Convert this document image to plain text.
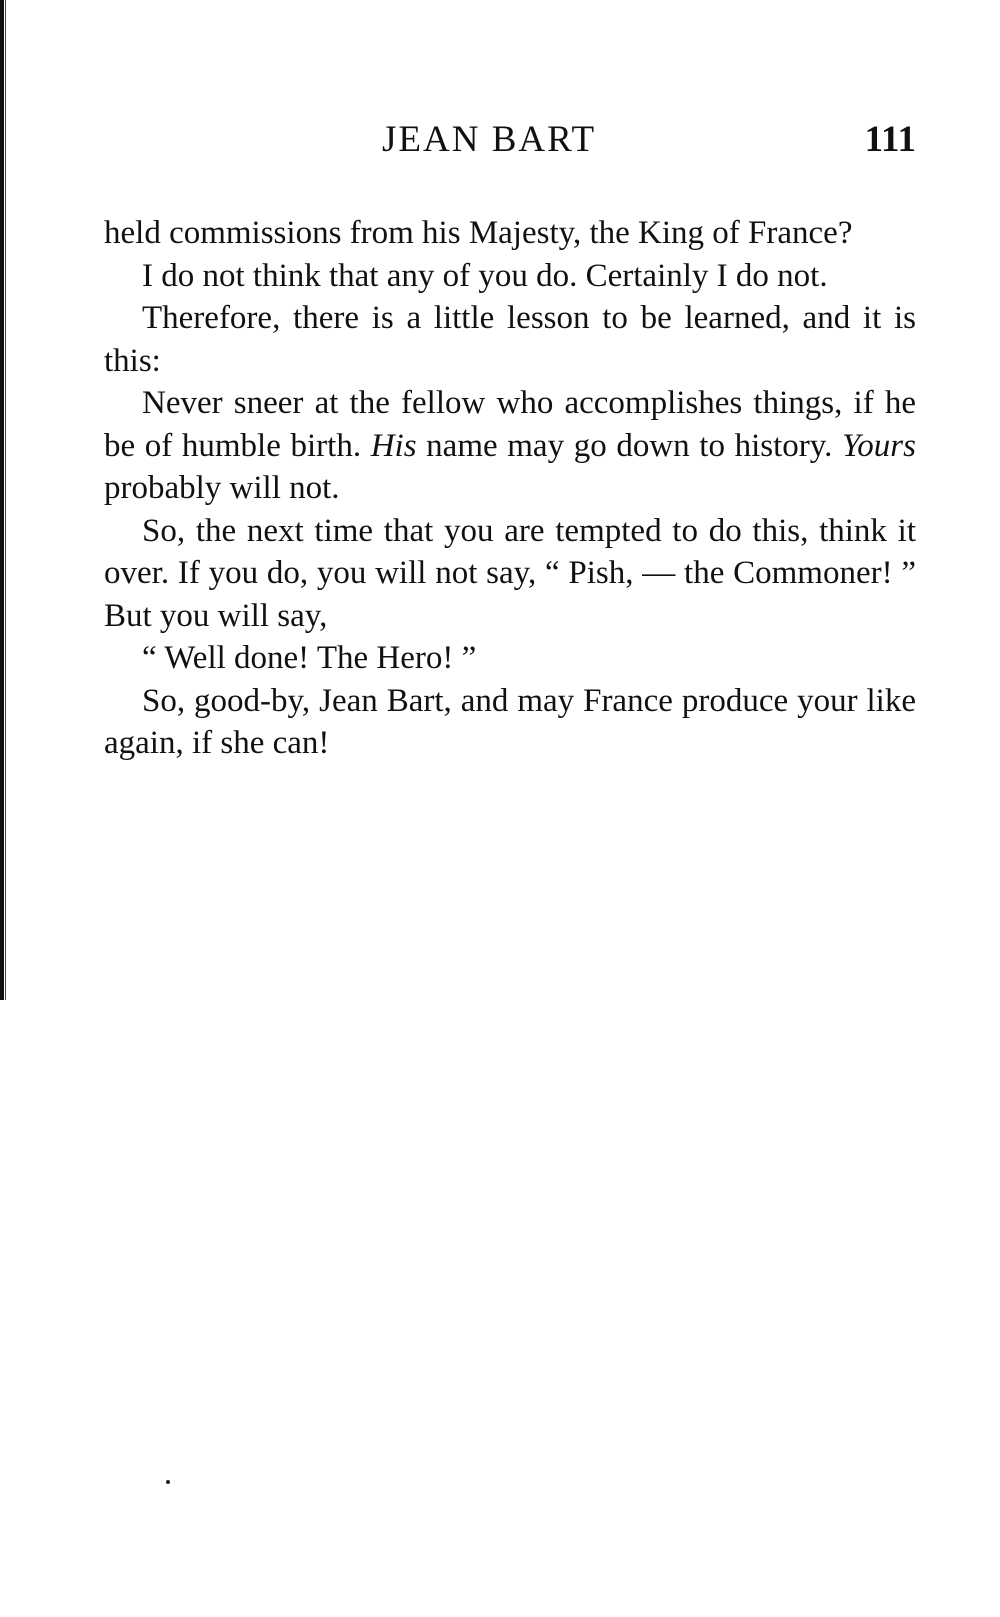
JEAN BART	111

held commissions from his Majesty, the King of France?

I do not think that any of you do. Certainly I do not.

Therefore, there is a little lesson to be learned, and it is this:

Never sneer at the fellow who accomplishes things, if he be of humble birth. His name may go down to history. Yours probably will not.

So, the next time that you are tempted to do this, think it over. If you do, you will not say, “ Pish, — the Commoner! ” But you will say,

“ Well done! The Hero! ”

So, good-by, Jean Bart, and may France produce your like again, if she can!
